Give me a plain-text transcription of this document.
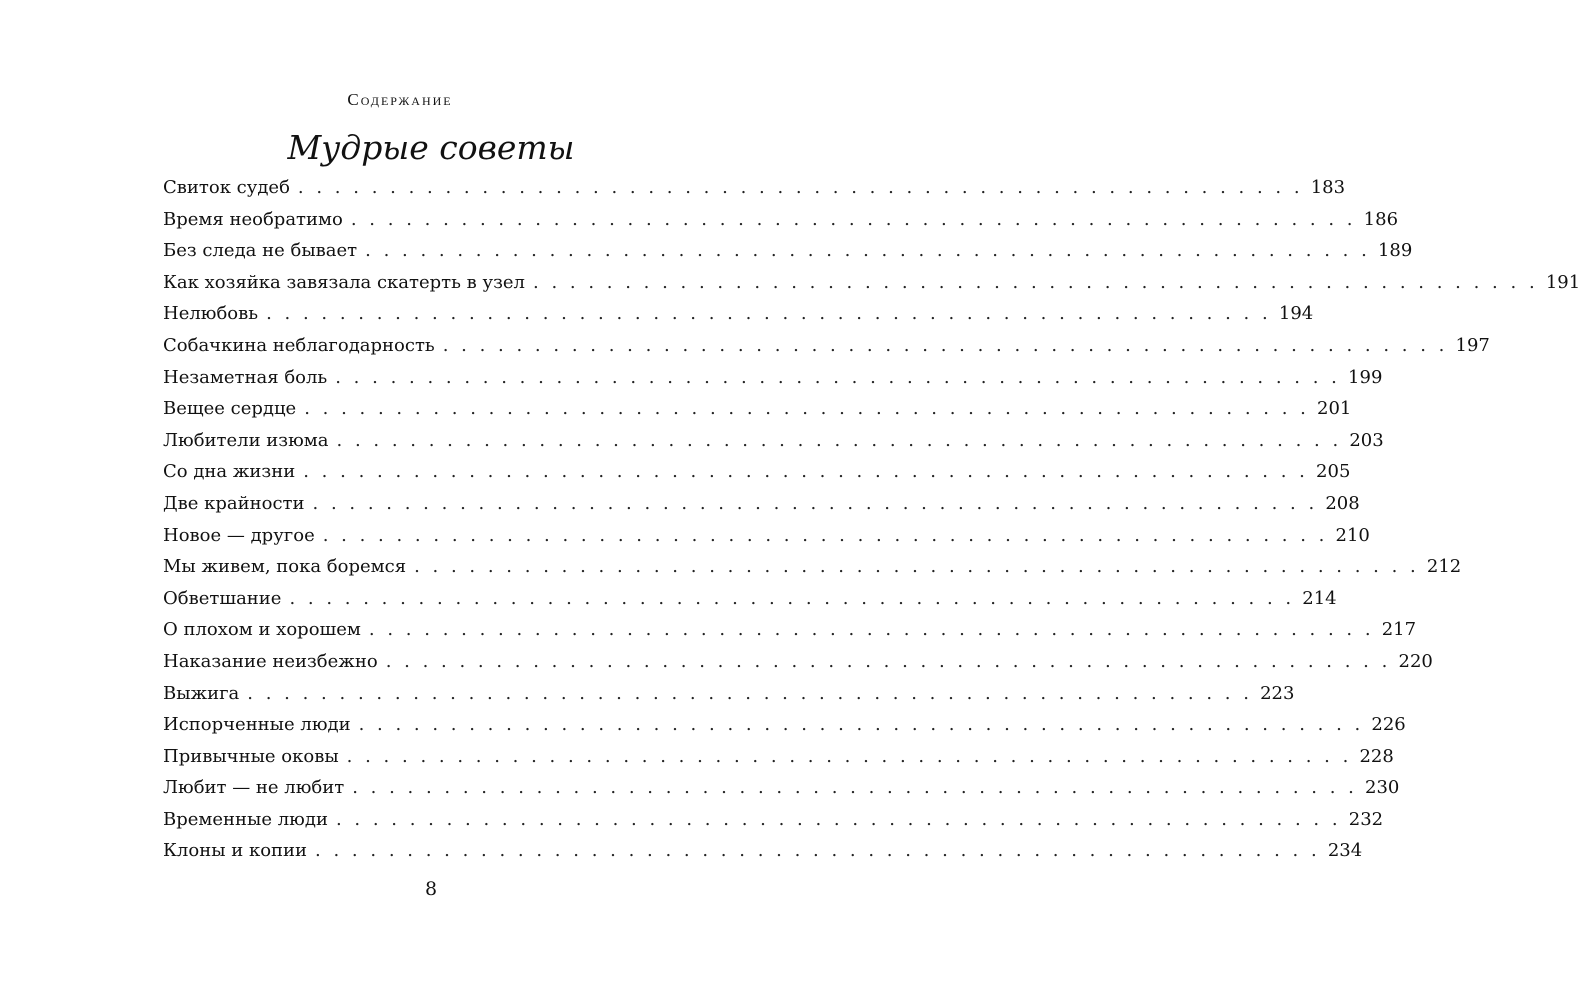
Содержание
Мудрые советы
Свиток судеб . . . . . . . . . . . . . . . . . . . . . . . . . . . . . . . . . . . . . . . . . . . . . . . . . . . . . . . 183
Время необратимо . . . . . . . . . . . . . . . . . . . . . . . . . . . . . . . . . . . . . . . . . . . . . . . . . . . . . . . 186
Без следа не бывает . . . . . . . . . . . . . . . . . . . . . . . . . . . . . . . . . . . . . . . . . . . . . . . . . . . . . . . 189
Как хозяйка завязала скатерть в узел . . . . . . . . . . . . . . . . . . . . . . . . . . . . . . . . . . . . . . . . . . . . . . . . . . . . . . . 191
Нелюбовь . . . . . . . . . . . . . . . . . . . . . . . . . . . . . . . . . . . . . . . . . . . . . . . . . . . . . . . 194
Собачкина неблагодарность . . . . . . . . . . . . . . . . . . . . . . . . . . . . . . . . . . . . . . . . . . . . . . . . . . . . . . . 197
Незаметная боль . . . . . . . . . . . . . . . . . . . . . . . . . . . . . . . . . . . . . . . . . . . . . . . . . . . . . . . 199
Вещее сердце . . . . . . . . . . . . . . . . . . . . . . . . . . . . . . . . . . . . . . . . . . . . . . . . . . . . . . . 201
Любители изюма . . . . . . . . . . . . . . . . . . . . . . . . . . . . . . . . . . . . . . . . . . . . . . . . . . . . . . . 203
Со дна жизни . . . . . . . . . . . . . . . . . . . . . . . . . . . . . . . . . . . . . . . . . . . . . . . . . . . . . . . 205
Две крайности . . . . . . . . . . . . . . . . . . . . . . . . . . . . . . . . . . . . . . . . . . . . . . . . . . . . . . . 208
Новое — другое . . . . . . . . . . . . . . . . . . . . . . . . . . . . . . . . . . . . . . . . . . . . . . . . . . . . . . . 210
Мы живем, пока боремся . . . . . . . . . . . . . . . . . . . . . . . . . . . . . . . . . . . . . . . . . . . . . . . . . . . . . . . 212
Обветшание . . . . . . . . . . . . . . . . . . . . . . . . . . . . . . . . . . . . . . . . . . . . . . . . . . . . . . . 214
О плохом и хорошем . . . . . . . . . . . . . . . . . . . . . . . . . . . . . . . . . . . . . . . . . . . . . . . . . . . . . . . 217
Наказание неизбежно . . . . . . . . . . . . . . . . . . . . . . . . . . . . . . . . . . . . . . . . . . . . . . . . . . . . . . . 220
Выжига . . . . . . . . . . . . . . . . . . . . . . . . . . . . . . . . . . . . . . . . . . . . . . . . . . . . . . . 223
Испорченные люди . . . . . . . . . . . . . . . . . . . . . . . . . . . . . . . . . . . . . . . . . . . . . . . . . . . . . . . 226
Привычные оковы . . . . . . . . . . . . . . . . . . . . . . . . . . . . . . . . . . . . . . . . . . . . . . . . . . . . . . . 228
Любит — не любит . . . . . . . . . . . . . . . . . . . . . . . . . . . . . . . . . . . . . . . . . . . . . . . . . . . . . . . 230
Временные люди . . . . . . . . . . . . . . . . . . . . . . . . . . . . . . . . . . . . . . . . . . . . . . . . . . . . . . . 232
Клоны и копии . . . . . . . . . . . . . . . . . . . . . . . . . . . . . . . . . . . . . . . . . . . . . . . . . . . . . . . 234
8
